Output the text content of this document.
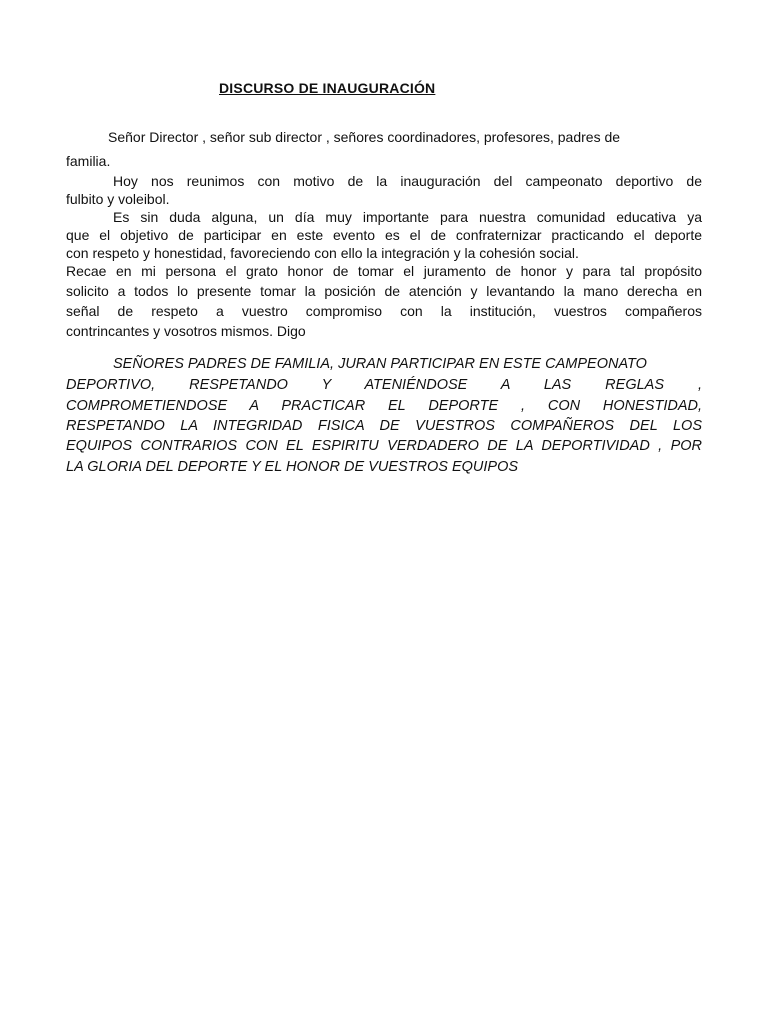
DISCURSO DE INAUGURACIÓN
Señor Director , señor sub director , señores coordinadores, profesores, padres de
familia.
Hoy nos reunimos con motivo de la inauguración del campeonato deportivo de
fulbito y voleibol.
Es sin duda alguna, un día muy importante para nuestra comunidad educativa ya
que el objetivo de participar en este evento es el de confraternizar practicando el deporte
con respeto y honestidad, favoreciendo con ello la integración y la cohesión social.
Recae en mi persona el grato honor de tomar el juramento de honor y para tal propósito
solicito a todos lo presente tomar la posición de atención y levantando la mano derecha en
señal de respeto a vuestro compromiso con la institución, vuestros compañeros
contrincantes y vosotros mismos. Digo
SEÑORES PADRES DE FAMILIA, JURAN PARTICIPAR EN ESTE CAMPEONATO
DEPORTIVO, RESPETANDO Y ATENIÉNDOSE A LAS REGLAS ,
COMPROMETIENDOSE A PRACTICAR EL DEPORTE , CON HONESTIDAD,
RESPETANDO LA INTEGRIDAD FISICA DE VUESTROS COMPAÑEROS DEL LOS
EQUIPOS CONTRARIOS CON EL ESPIRITU VERDADERO DE LA DEPORTIVIDAD , POR
LA GLORIA DEL DEPORTE Y EL HONOR DE VUESTROS EQUIPOS
